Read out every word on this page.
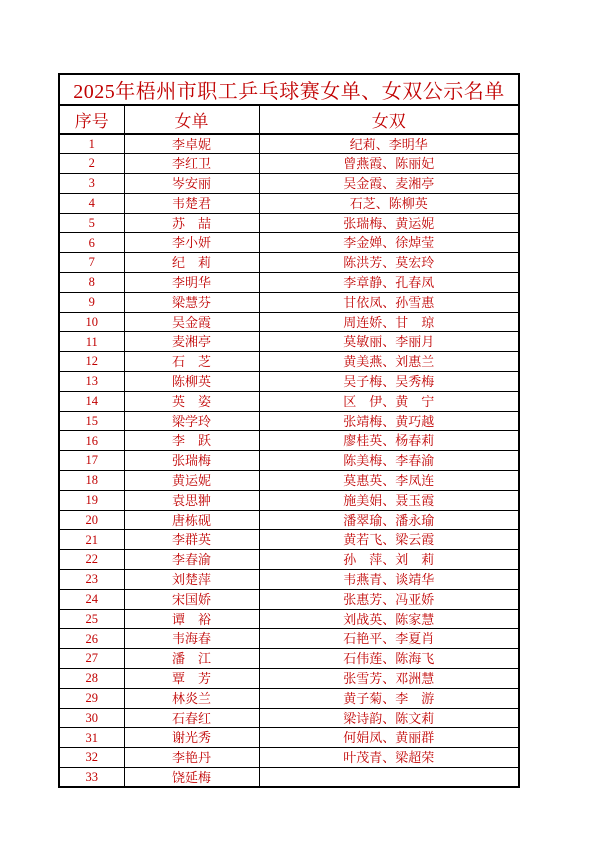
2025年梧州市职工乒乓球赛女单、女双公示名单		
序号	女单	女双
1	李卓妮	纪莉、李明华
2	李红卫	曾燕霞、陈丽妃
3	岑安丽	吴金霞、麦湘亭
4	韦楚君	石芝、陈柳英
5	苏　喆	张瑞梅、黄运妮
6	李小妍	李金婵、徐焯莹
7	纪　莉	陈洪芳、莫宏玲
8	李明华	李章静、孔春凤
9	梁慧芬	甘依凤、孙雪惠
10	吴金霞	周连娇、甘　琼
11	麦湘亭	莫敏丽、李丽月
12	石　芝	黄美燕、刘惠兰
13	陈柳英	吴子梅、吴秀梅
14	英　姿	区　伊、黄　宁
15	梁学玲	张靖梅、黄巧越
16	李　跃	廖桂英、杨春莉
17	张瑞梅	陈美梅、李春渝
18	黄运妮	莫惠英、李凤连
19	袁思翀	施美娟、聂玉霞
20	唐栋砚	潘翠瑜、潘永瑜
21	李群英	黄若飞、梁云霞
22	李春渝	孙　萍、刘　莉
23	刘楚萍	韦燕青、谈靖华
24	宋国娇	张惠芳、冯亚娇
25	谭　裕	刘战英、陈家慧
26	韦海春	石艳平、李夏肖
27	潘　江	石伟莲、陈海飞
28	覃　芳	张雪芳、邓洲慧
29	林炎兰	黄子菊、李　游
30	石春红	梁诗韵、陈文莉
31	谢光秀	何娟凤、黄丽群
32	李艳丹	叶茂青、梁超荣
33	饶延梅	
